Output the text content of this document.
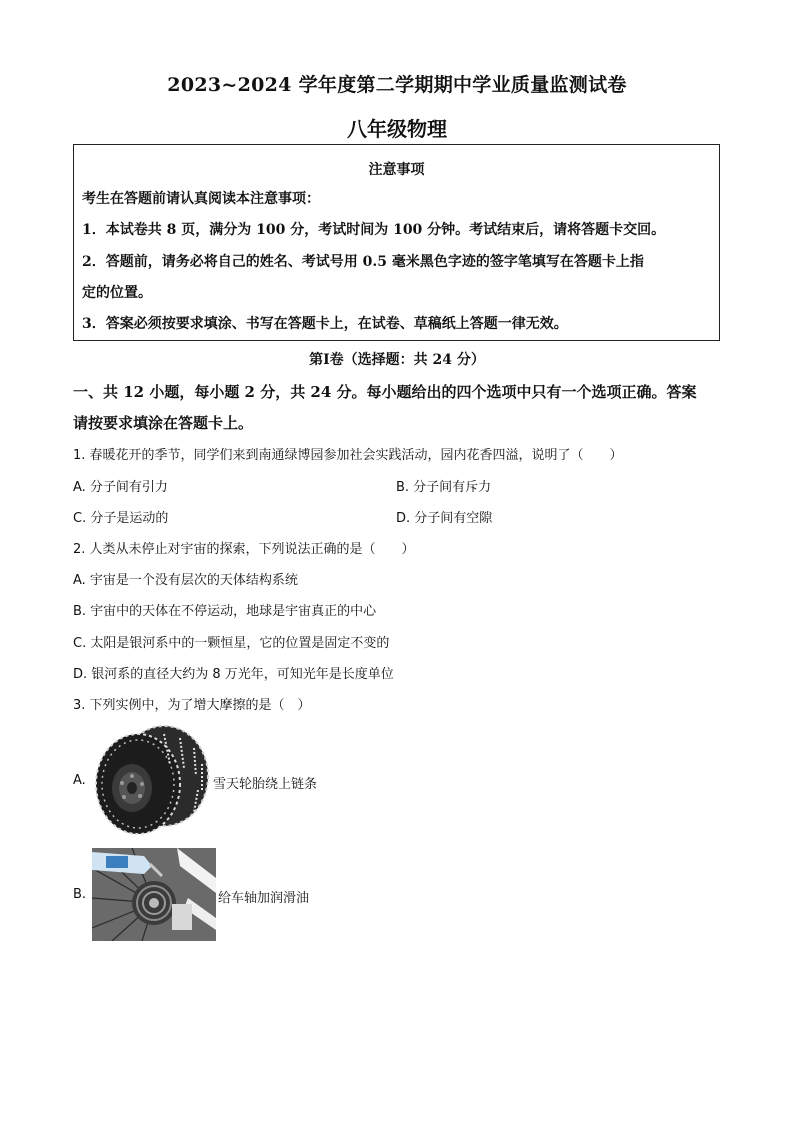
2023~2024 学年度第二学期期中学业质量监测试卷
八年级物理
注意事项
考生在答题前请认真阅读本注意事项：
1．本试卷共 8 页，满分为 100 分，考试时间为 100 分钟。考试结束后，请将答题卡交回。
2．答题前，请务必将自己的姓名、考试号用 0.5 毫米黑色字迹的签字笔填写在答题卡上指
定的位置。
3．答案必须按要求填涂、书写在答题卡上，在试卷、草稿纸上答题一律无效。
第Ⅰ卷（选择题：共 24 分）
一、共 12 小题，每小题 2 分，共 24 分。每小题给出的四个选项中只有一个选项正确。答案
请按要求填涂在答题卡上。
1. 春暖花开的季节，同学们来到南通绿博园参加社会实践活动，园内花香四溢，说明了（　　）
A. 分子间有引力	B. 分子间有斥力
C. 分子是运动的	D. 分子间有空隙
2. 人类从未停止对宇宙的探索，下列说法正确的是（　　）
A. 宇宙是一个没有层次的天体结构系统
B. 宇宙中的天体在不停运动，地球是宇宙真正的中心
C. 太阳是银河系中的一颗恒星，它的位置是固定不变的
D. 银河系的直径大约为 8 万光年，可知光年是长度单位
3. 下列实例中，为了增大摩擦的是（　）
A.	雪天轮胎绕上链条
B.	给车轴加润滑油
